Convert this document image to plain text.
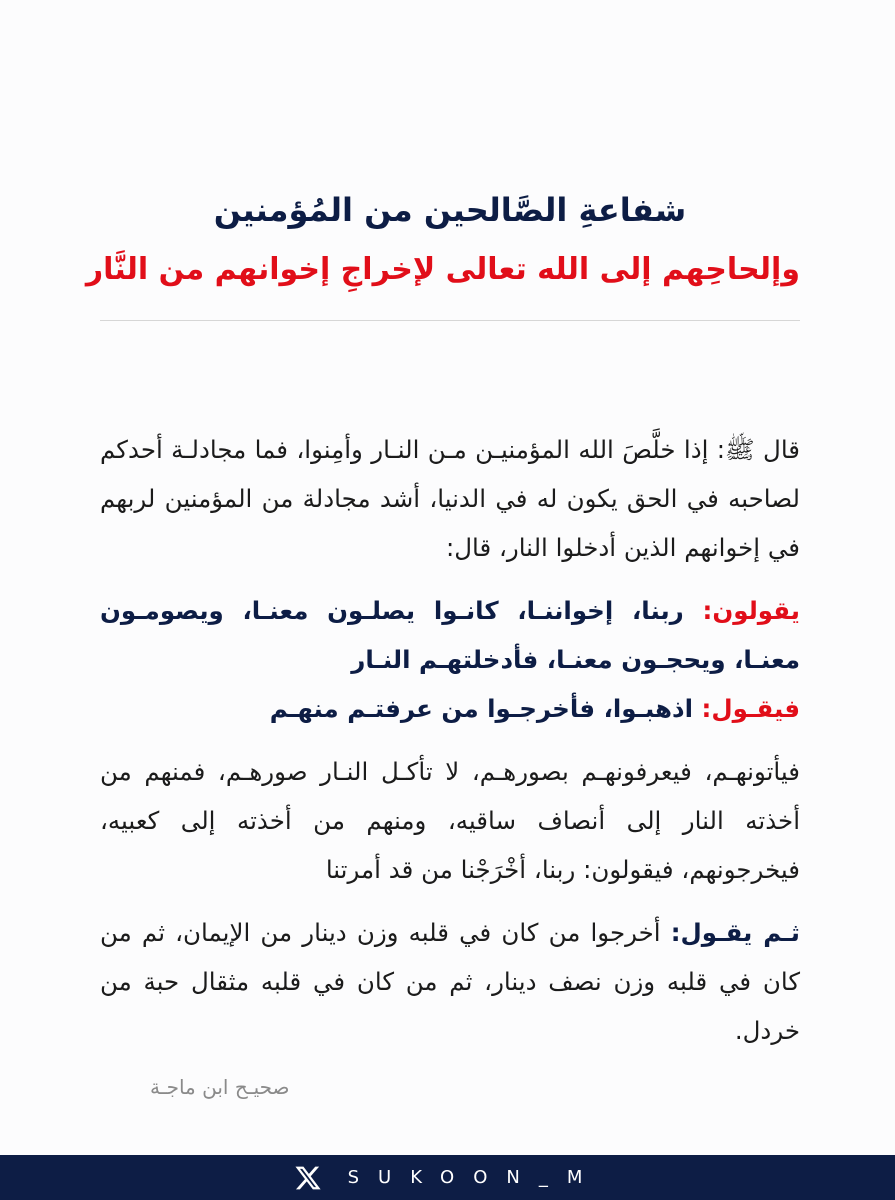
شفاعةِ الصَّالحين من المُؤمنين
وإلحاحِهم إلى الله تعالى لإخراجِ إخوانهم من النَّار

قال ﷺ: إذا خلَّصَ الله المؤمنيـن مـن النـار وأمِنوا، فما مجادلـة أحدكم لصاحبه في الحق يكون له في الدنيا، أشد مجادلة من المؤمنين لربهم في إخوانهم الذين أدخلوا النار، قال:

يقولون: ربنا، إخواننـا، كانـوا يصلـون معنـا، ويصومـون معنـا، ويحجـون معنـا، فأدخلتهـم النـار

فيقـول: اذهبـوا، فأخرجـوا من عرفتـم منهـم

فيأتونهـم، فيعرفونهـم بصورهـم، لا تأكـل النـار صورهـم، فمنهم من أخذته النار إلى أنصاف ساقيه، ومنهم من أخذته إلى كعبيه، فيخرجونهم، فيقولون: ربنا، أخْرَجْنا من قد أمرتنا

ثـم يقـول: أخرجوا من كان في قلبه وزن دينار من الإيمان، ثم من كان في قلبه وزن نصف دينار، ثم من كان في قلبه مثقال حبة من خردل.

صحيـح ابن ماجـة
SUKOON_M
